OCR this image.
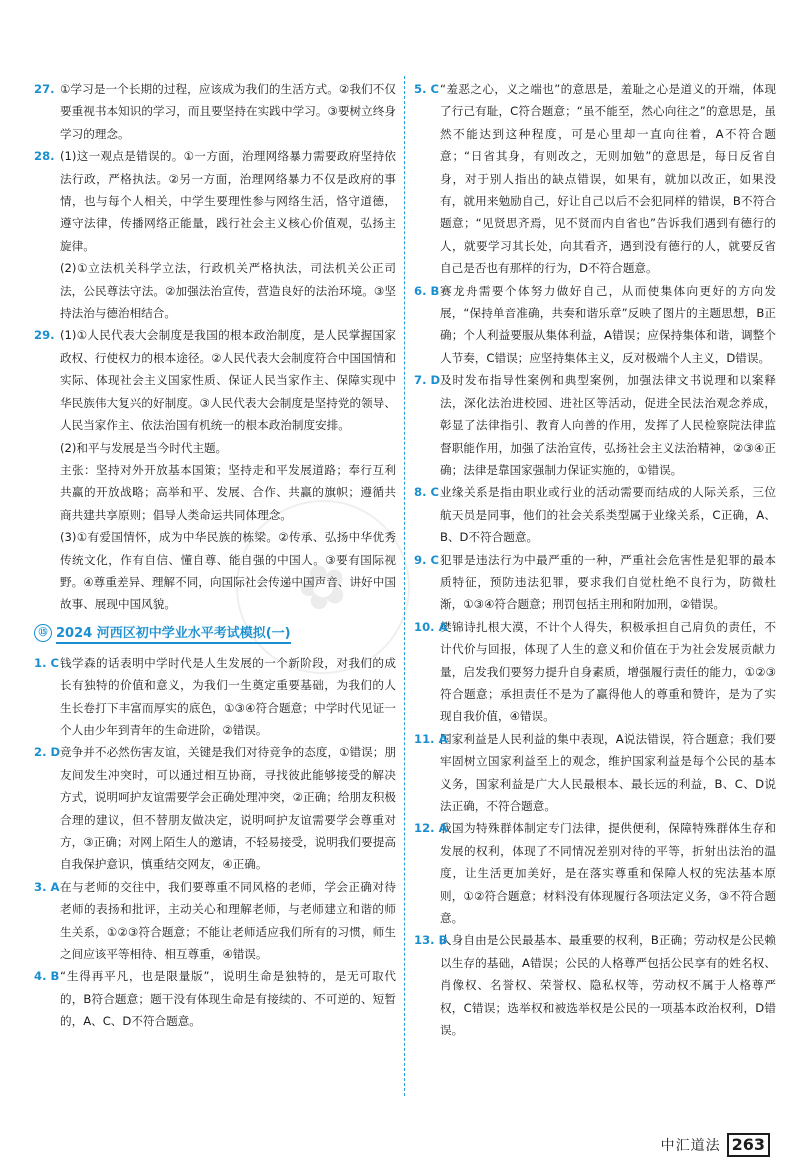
✿
27. ①学习是一个长期的过程，应该成为我们的生活方式。②我们不仅要重视书本知识的学习，而且要坚持在实践中学习。③要树立终身学习的理念。

28. (1)这一观点是错误的。①一方面，治理网络暴力需要政府坚持依法行政，严格执法。②另一方面，治理网络暴力不仅是政府的事情，也与每个人相关，中学生要理性参与网络生活，恪守道德，遵守法律，传播网络正能量，践行社会主义核心价值观，弘扬主旋律。

(2)①立法机关科学立法，行政机关严格执法，司法机关公正司法，公民尊法守法。②加强法治宣传，营造良好的法治环境。③坚持法治与德治相结合。

29. (1)①人民代表大会制度是我国的根本政治制度，是人民掌握国家政权、行使权力的根本途径。②人民代表大会制度符合中国国情和实际、体现社会主义国家性质、保证人民当家作主、保障实现中华民族伟大复兴的好制度。③人民代表大会制度是坚持党的领导、人民当家作主、依法治国有机统一的根本政治制度安排。

(2)和平与发展是当今时代主题。

主张：坚持对外开放基本国策；坚持走和平发展道路；奉行互利共赢的开放战略；高举和平、发展、合作、共赢的旗帜；遵循共商共建共享原则；倡导人类命运共同体理念。

(3)①有爱国情怀，成为中华民族的栋梁。②传承、弘扬中华优秀传统文化，作有自信、懂自尊、能自强的中国人。③要有国际视野。④尊重差异、理解不同，向国际社会传递中国声音、讲好中国故事、展现中国风貌。

⑮ 2024 河西区初中学业水平考试模拟(一)
1. C 钱学森的话表明中学时代是人生发展的一个新阶段，对我们的成长有独特的价值和意义，为我们一生奠定重要基础，为我们的人生长卷打下丰富而厚实的底色，①③④符合题意；中学时代见证一个人由少年到青年的生命进阶，②错误。

2. D 竞争并不必然伤害友谊，关键是我们对待竞争的态度，①错误；朋友间发生冲突时，可以通过相互协商，寻找彼此能够接受的解决方式，说明呵护友谊需要学会正确处理冲突，②正确；给朋友积极合理的建议，但不替朋友做决定，说明呵护友谊需要学会尊重对方，③正确；对网上陌生人的邀请，不轻易接受，说明我们要提高自我保护意识，慎重结交网友，④正确。

3. A 在与老师的交往中，我们要尊重不同风格的老师，学会正确对待老师的表扬和批评，主动关心和理解老师，与老师建立和谐的师生关系，①②③符合题意；不能让老师适应我们所有的习惯，师生之间应该平等相待、相互尊重，④错误。

4. B “生得再平凡，也是限量版”，说明生命是独特的，是无可取代的，B符合题意；题干没有体现生命是有接续的、不可逆的、短暂的，A、C、D不符合题意。

5. C “羞恶之心，义之端也”的意思是，羞耻之心是道义的开端，体现了行己有耻，C符合题意；“虽不能至，然心向往之”的意思是，虽然不能达到这种程度，可是心里却一直向往着，A不符合题意；“日省其身，有则改之，无则加勉”的意思是，每日反省自身，对于别人指出的缺点错误，如果有，就加以改正，如果没有，就用来勉励自己，好让自己以后不会犯同样的错误，B不符合题意；“见贤思齐焉，见不贤而内自省也”告诉我们遇到有德行的人，就要学习其长处，向其看齐，遇到没有德行的人，就要反省自己是否也有那样的行为，D不符合题意。

6. B 赛龙舟需要个体努力做好自己，从而使集体向更好的方向发展，“保持单音准确，共奏和谐乐章”反映了图片的主题思想，B正确；个人利益要服从集体利益，A错误；应保持集体和谐，调整个人节奏，C错误；应坚持集体主义，反对极端个人主义，D错误。

7. D 及时发布指导性案例和典型案例，加强法律文书说理和以案释法，深化法治进校园、进社区等活动，促进全民法治观念养成，彰显了法律指引、教育人向善的作用，发挥了人民检察院法律监督职能作用，加强了法治宣传，弘扬社会主义法治精神，②③④正确；法律是靠国家强制力保证实施的，①错误。

8. C 业缘关系是指由职业或行业的活动需要而结成的人际关系，三位航天员是同事，他们的社会关系类型属于业缘关系，C正确，A、B、D不符合题意。

9. C 犯罪是违法行为中最严重的一种，严重社会危害性是犯罪的最本质特征，预防违法犯罪，要求我们自觉杜绝不良行为，防微杜渐，①③④符合题意；刑罚包括主刑和附加刑，②错误。

10. A

樊锦诗扎根大漠，不计个人得失，积极承担自己肩负的责任，不计代价与回报，体现了人生的意义和价值在于为社会发展贡献力量，启发我们要努力提升自身素质，增强履行责任的能力，①②③符合题意；承担责任不是为了赢得他人的尊重和赞许，是为了实现自我价值，④错误。

11. A

国家利益是人民利益的集中表现，A说法错误，符合题意；我们要牢固树立国家利益至上的观念，维护国家利益是每个公民的基本义务，国家利益是广大人民最根本、最长远的利益，B、C、D说法正确，不符合题意。

12. A

我国为特殊群体制定专门法律，提供便利，保障特殊群体生存和发展的权利，体现了不同情况差别对待的平等，折射出法治的温度，让生活更加美好，是在落实尊重和保障人权的宪法基本原则，①②符合题意；材料没有体现履行各项法定义务，③不符合题意。

13. B

人身自由是公民最基本、最重要的权利，B正确；劳动权是公民赖以生存的基础，A错误；公民的人格尊严包括公民享有的姓名权、肖像权、名誉权、荣誉权、隐私权等，劳动权不属于人格尊严权，C错误；选举权和被选举权是公民的一项基本政治权利，D错误。

中汇道法 263
